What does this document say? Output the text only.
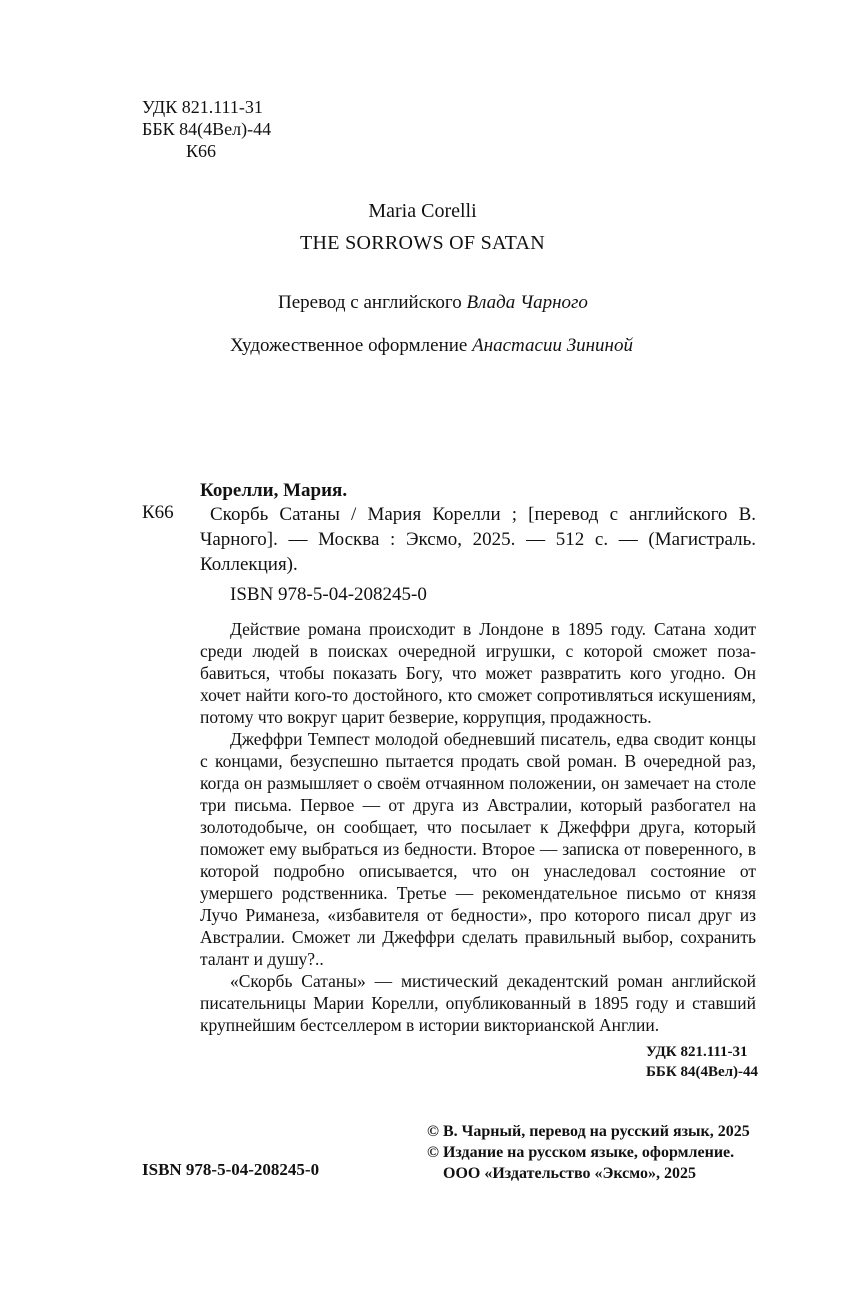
УДК 821.111-31
ББК 84(4Вел)-44
К66
Maria Corelli
THE SORROWS OF SATAN
Перевод с английского Влада Чарного
Художественное оформление Анастасии Зининой
Корелли, Мария.
К66	Скорбь Сатаны / Мария Корелли ; [перевод с английского В. Чарного]. — Москва : Эксмо, 2025. — 512 с. — (Магистраль. Коллекция).
ISBN 978-5-04-208245-0

Действие романа происходит в Лондоне в 1895 году. Сатана ходит среди людей в поисках очередной игрушки, с которой сможет позабавиться, чтобы показать Богу, что может развратить кого угодно. Он хочет найти кого-то достойного, кто сможет сопротивляться искушениям, потому что вокруг царит безверие, коррупция, продажность.

Джеффри Темпест молодой обедневший писатель, едва сводит концы с концами, безуспешно пытается продать свой роман. В очередной раз, когда он размышляет о своём отчаянном положении, он замечает на столе три письма. Первое — от друга из Австралии, который разбогател на золотодобыче, он сообщает, что посылает к Джеффри друга, который поможет ему выбраться из бедности. Второе — записка от поверенного, в которой подробно описывается, что он унаследовал состояние от умершего родственника. Третье — рекомендательное письмо от князя Лучо Риманеза, «избавителя от бедности», про которого писал друг из Австралии. Сможет ли Джеффри сделать правильный выбор, сохранить талант и душу?..

«Скорбь Сатаны» — мистический декадентский роман английской писательницы Марии Корелли, опубликованный в 1895 году и ставший крупнейшим бестселлером в истории викторианской Англии.

УДК 821.111-31
ББК 84(4Вел)-44
© В. Чарный, перевод на русский язык, 2025
© Издание на русском языке, оформление.
ООО «Издательство «Эксмо», 2025
ISBN 978-5-04-208245-0
